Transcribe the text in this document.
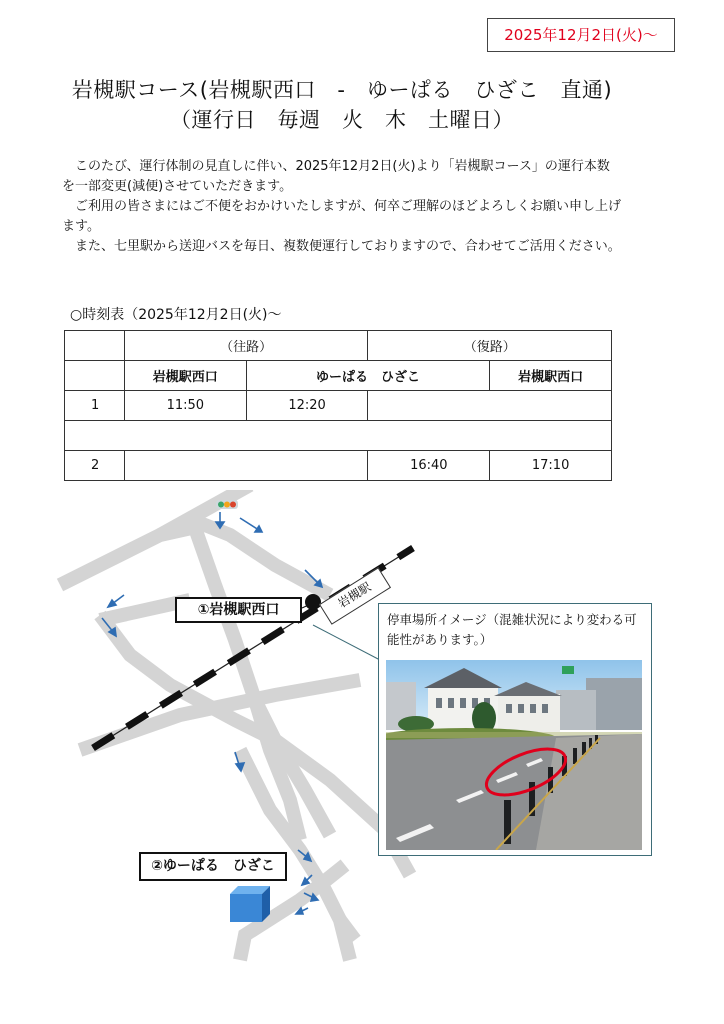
2025年12月2日(火)～
岩槻駅コース(岩槻駅西口　-　ゆーぱる　ひざこ　直通)
（運行日　毎週　火　木　土曜日）

このたび、運行体制の見直しに伴い、2025年12月2日(火)より「岩槻駅コース」の運行本数を一部変更(減便)させていただきます。

ご利用の皆さまにはご不便をおかけいたしますが、何卒ご理解のほどよろしくお願い申し上げます。

また、七里駅から送迎バスを毎日、複数便運行しておりますので、合わせてご活用ください。

○時刻表（2025年12月2日(火)～
	（往路）		（復路）	
	岩槻駅西口	ゆーぱる　ひざこ		岩槻駅西口
1	11:50	12:20		

2			16:40	17:10
①岩槻駅西口	岩槻駅
②ゆーぱる　ひざこ
停車場所イメージ（混雑状況により変わる可能性があります。）
